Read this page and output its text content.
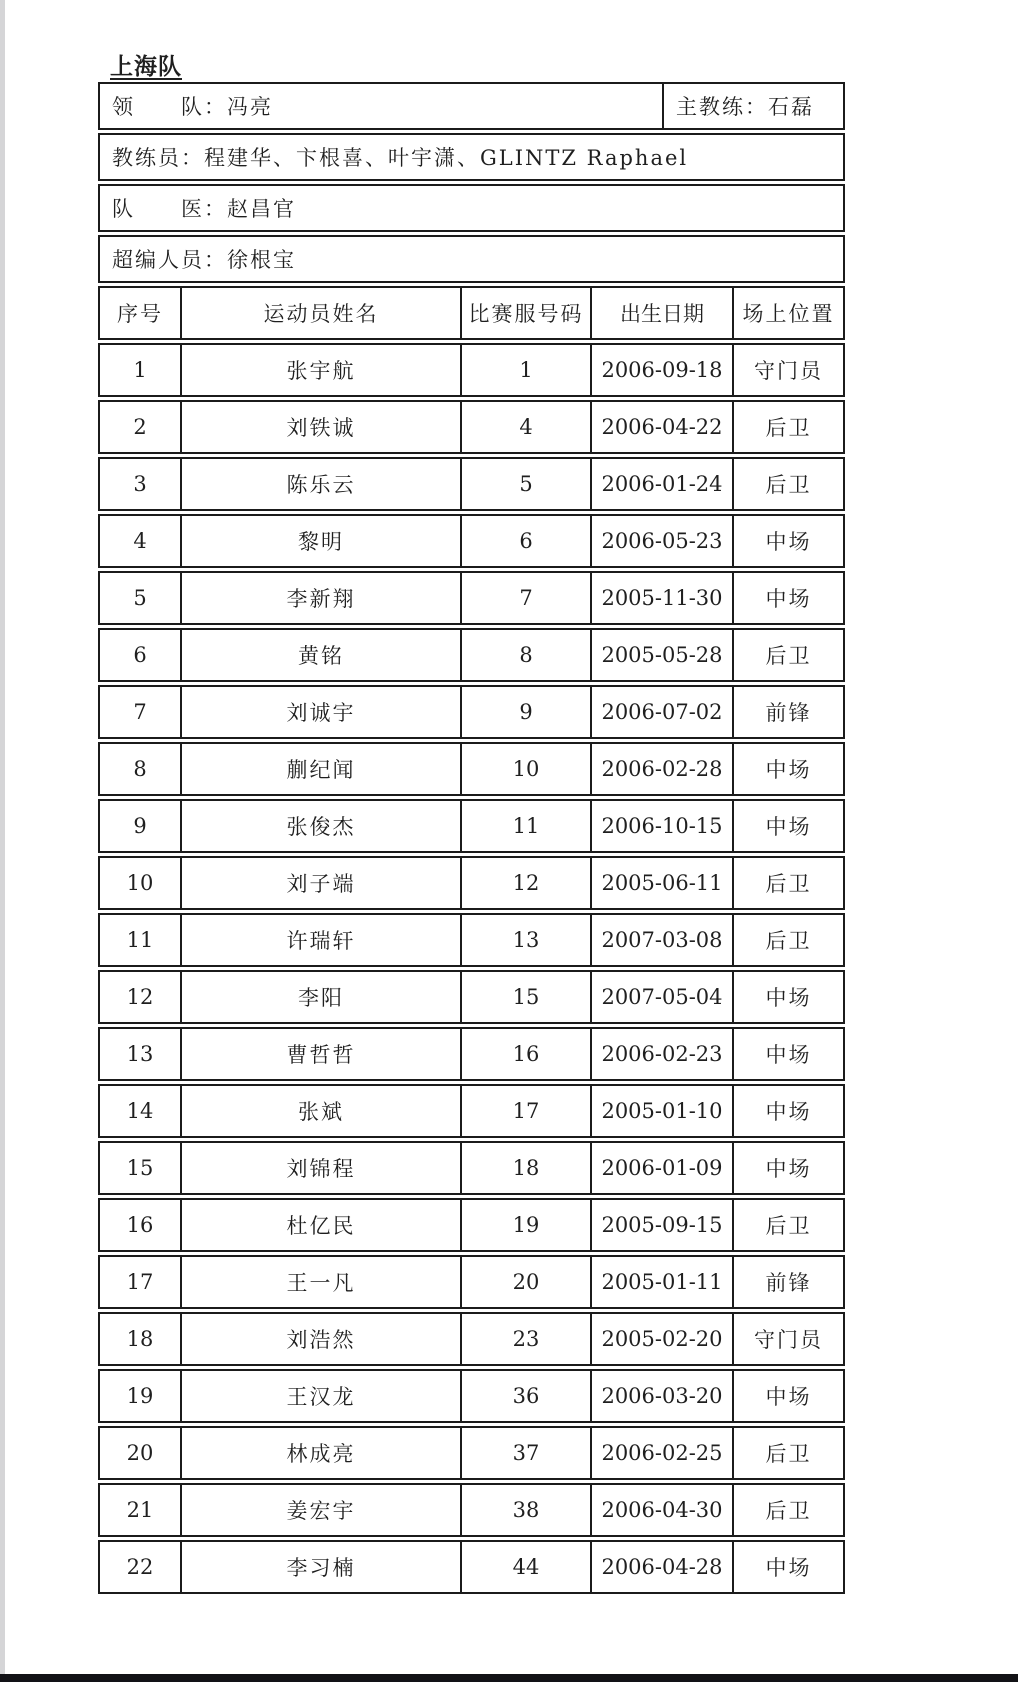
上海队
领　　队：冯亮	主教练：石磊
教练员：程建华、卞根喜、叶宇潇、GLINTZ Raphael
队　　医：赵昌官
超编人员：徐根宝
序号	运动员姓名	比赛服号码	出生日期	场上位置
1	张宇航	1	2006-09-18	守门员
2	刘铁诚	4	2006-04-22	后卫
3	陈乐云	5	2006-01-24	后卫
4	黎明	6	2006-05-23	中场
5	李新翔	7	2005-11-30	中场
6	黄铭	8	2005-05-28	后卫
7	刘诚宇	9	2006-07-02	前锋
8	蒯纪闻	10	2006-02-28	中场
9	张俊杰	11	2006-10-15	中场
10	刘子端	12	2005-06-11	后卫
11	许瑞轩	13	2007-03-08	后卫
12	李阳	15	2007-05-04	中场
13	曹哲哲	16	2006-02-23	中场
14	张斌	17	2005-01-10	中场
15	刘锦程	18	2006-01-09	中场
16	杜亿民	19	2005-09-15	后卫
17	王一凡	20	2005-01-11	前锋
18	刘浩然	23	2005-02-20	守门员
19	王汉龙	36	2006-03-20	中场
20	林成亮	37	2006-02-25	后卫
21	姜宏宇	38	2006-04-30	后卫
22	李习楠	44	2006-04-28	中场
